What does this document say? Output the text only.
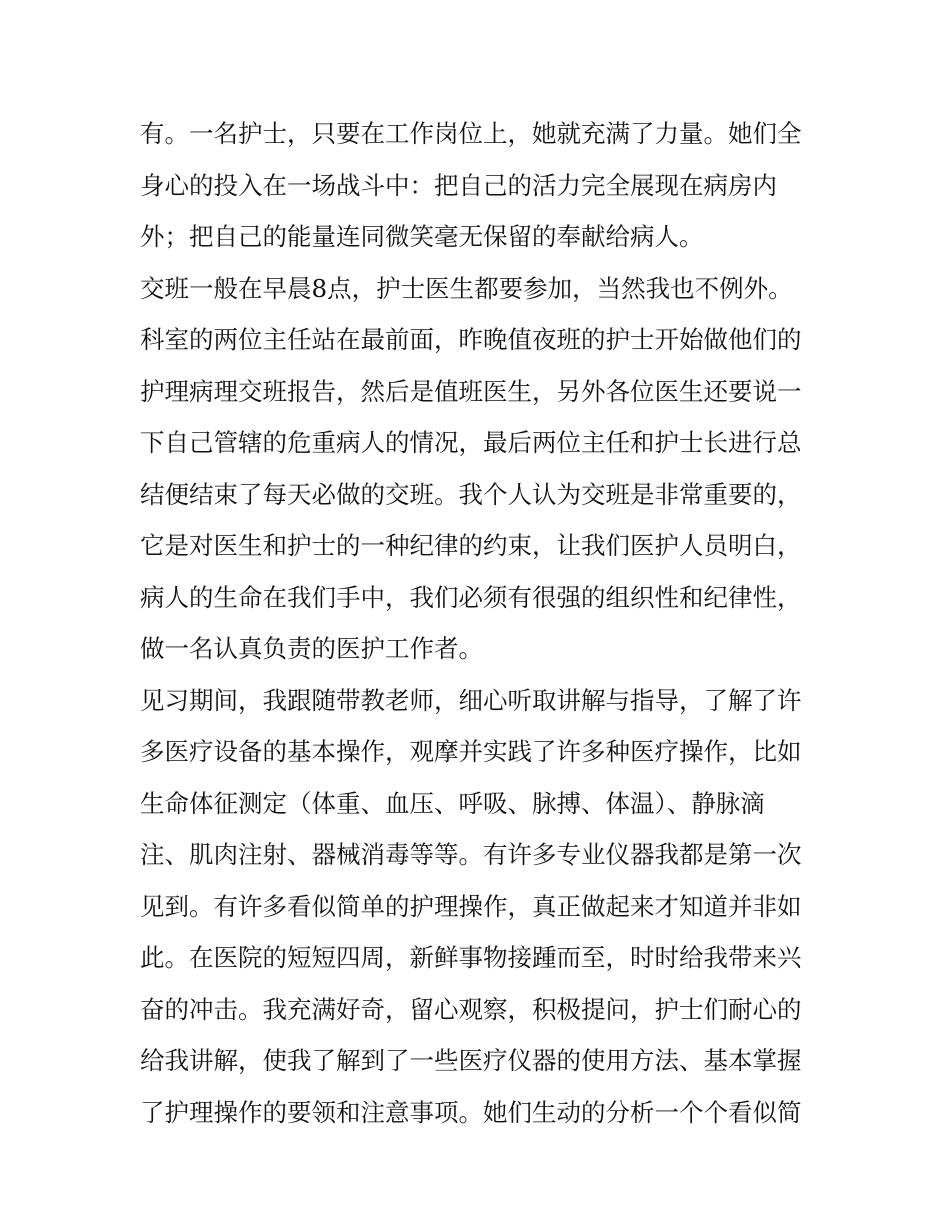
有。一名护士，只要在工作岗位上，她就充满了力量。她们全
身心的投入在一场战斗中：把自己的活力完全展现在病房内
外；把自己的能量连同微笑毫无保留的奉献给病人。
交班一般在早晨8点，护士医生都要参加，当然我也不例外。
科室的两位主任站在最前面，昨晚值夜班的护士开始做他们的
护理病理交班报告，然后是值班医生，另外各位医生还要说一
下自己管辖的危重病人的情况，最后两位主任和护士长进行总
结便结束了每天必做的交班。我个人认为交班是非常重要的，
它是对医生和护士的一种纪律的约束，让我们医护人员明白，
病人的生命在我们手中，我们必须有很强的组织性和纪律性，
做一名认真负责的医护工作者。
见习期间，我跟随带教老师，细心听取讲解与指导，了解了许
多医疗设备的基本操作，观摩并实践了许多种医疗操作，比如
生命体征测定（体重、血压、呼吸、脉搏、体温）、静脉滴
注、肌肉注射、器械消毒等等。有许多专业仪器我都是第一次
见到。有许多看似简单的护理操作，真正做起来才知道并非如
此。在医院的短短四周，新鲜事物接踵而至，时时给我带来兴
奋的冲击。我充满好奇，留心观察，积极提问，护士们耐心的
给我讲解，使我了解到了一些医疗仪器的使用方法、基本掌握
了护理操作的要领和注意事项。她们生动的分析一个个看似简
